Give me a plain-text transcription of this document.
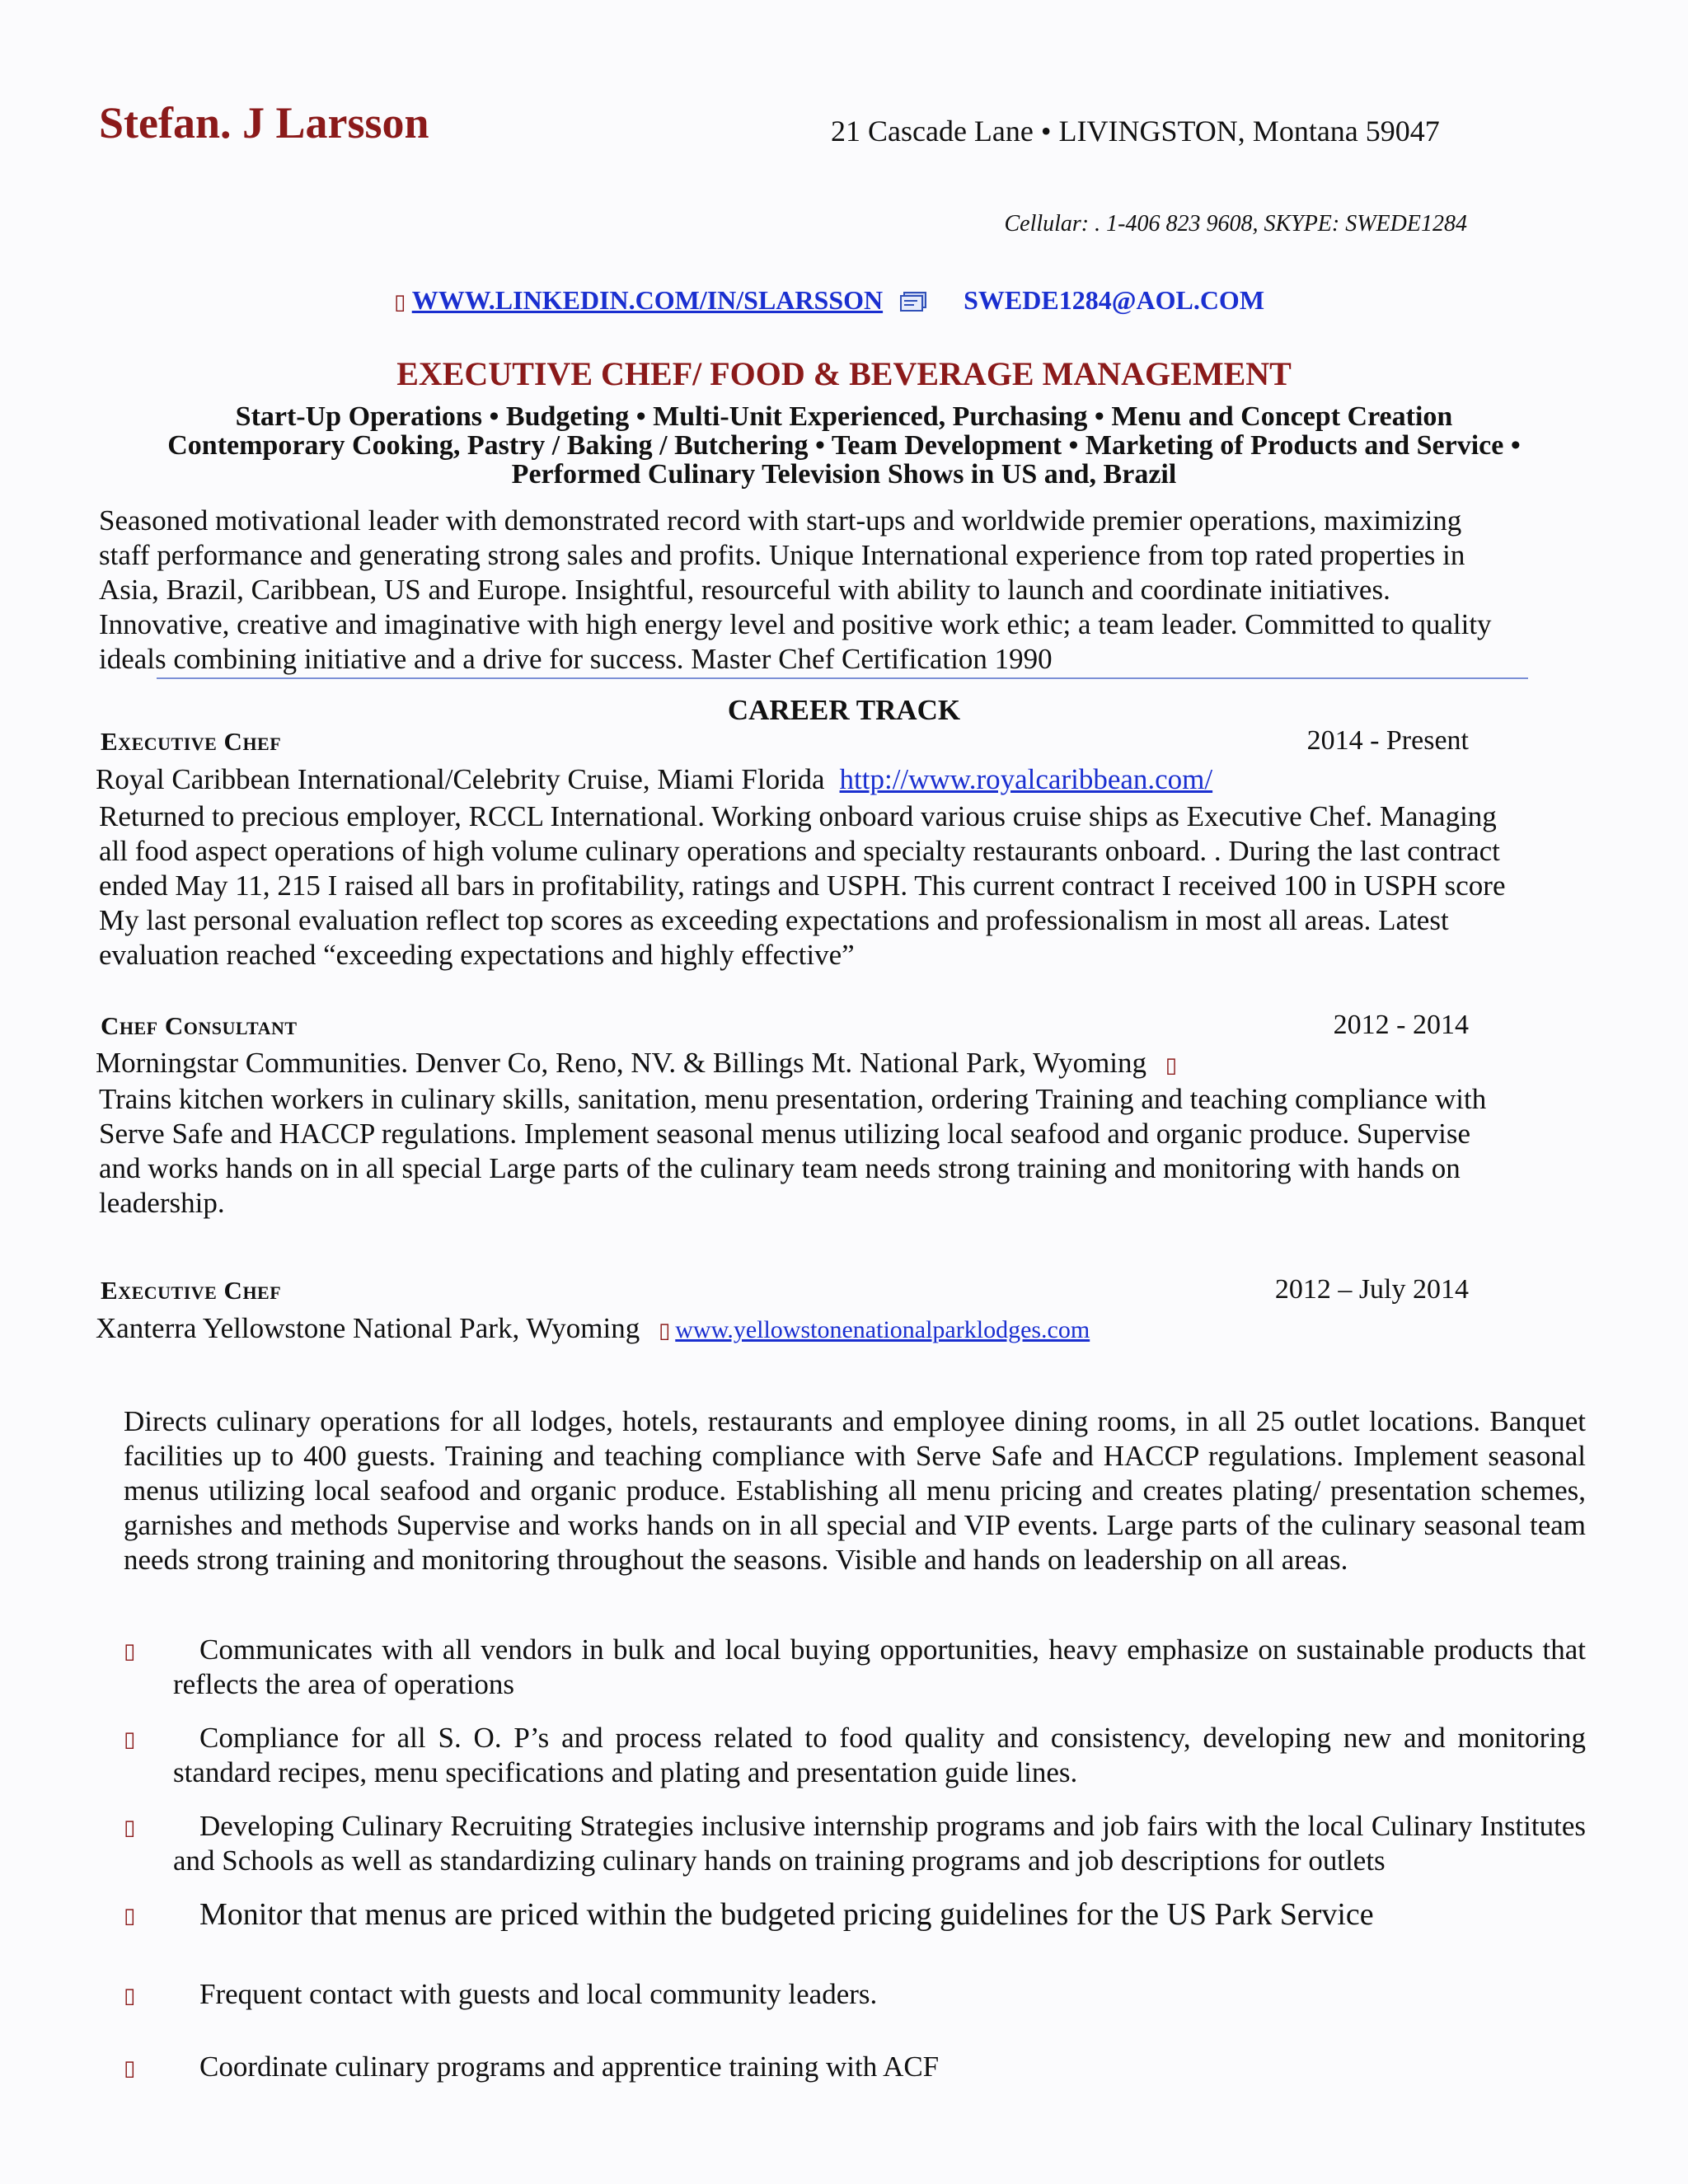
Stefan. J Larsson	21 Cascade Lane • LIVINGSTON, Montana 59047
Cellular: . 1-406 823 9608, SKYPE: SWEDE1284
▯ WWW.LINKEDIN.COM/IN/SLARSSON	SWEDE1284@AOL.COM
EXECUTIVE CHEF/ FOOD & BEVERAGE MANAGEMENT
Start-Up Operations • Budgeting • Multi-Unit Experienced, Purchasing • Menu and Concept Creation
Contemporary Cooking, Pastry / Baking / Butchering • Team Development • Marketing of Products and Service •
Performed Culinary Television Shows in US and, Brazil
Seasoned motivational leader with demonstrated record with start-ups and worldwide premier operations, maximizing
staff performance and generating strong sales and profits. Unique International experience from top rated properties in
Asia, Brazil, Caribbean, US and Europe. Insightful, resourceful with ability to launch and coordinate initiatives.
Innovative, creative and imaginative with high energy level and positive work ethic; a team leader. Committed to quality
ideals combining initiative and a drive for success. Master Chef Certification 1990
CAREER TRACK
Executive Chef	2014 - Present
Royal Caribbean International/Celebrity Cruise, Miami Florida http://www.royalcaribbean.com/
Returned to precious employer, RCCL International. Working onboard various cruise ships as Executive Chef. Managing
all food aspect operations of high volume culinary operations and specialty restaurants onboard. . During the last contract
ended May 11, 215 I raised all bars in profitability, ratings and USPH. This current contract I received 100 in USPH score
My last personal evaluation reflect top scores as exceeding expectations and professionalism in most all areas. Latest
evaluation reached “exceeding expectations and highly effective”
Chef Consultant	2012 - 2014
Morningstar Communities. Denver Co, Reno, NV. & Billings Mt. National Park, Wyoming ▯
Trains kitchen workers in culinary skills, sanitation, menu presentation, ordering Training and teaching compliance with
Serve Safe and HACCP regulations. Implement seasonal menus utilizing local seafood and organic produce. Supervise
and works hands on in all special Large parts of the culinary team needs strong training and monitoring with hands on
leadership.
Executive Chef	2012 – July 2014
Xanterra Yellowstone National Park, Wyoming ▯ www.yellowstonenationalparklodges.com
Directs culinary operations for all lodges, hotels, restaurants and employee dining rooms, in all 25 outlet locations. Banquet facilities up to 400 guests. Training and teaching compliance with Serve Safe and HACCP regulations. Implement seasonal menus utilizing local seafood and organic produce. Establishing all menu pricing and creates plating/ presentation schemes, garnishes and methods Supervise and works hands on in all special and VIP events. Large parts of the culinary seasonal team needs strong training and monitoring throughout the seasons. Visible and hands on leadership on all areas.
▯	Communicates with all vendors in bulk and local buying opportunities, heavy emphasize on sustainable products that reflects the area of operations
▯	Compliance for all S. O. P’s and process related to food quality and consistency, developing new and monitoring standard recipes, menu specifications and plating and presentation guide lines.
▯	Developing Culinary Recruiting Strategies inclusive internship programs and job fairs with the local Culinary Institutes and Schools as well as standardizing culinary hands on training programs and job descriptions for outlets
▯	Monitor that menus are priced within the budgeted pricing guidelines for the US Park Service
▯	Frequent contact with guests and local community leaders.
▯	Coordinate culinary programs and apprentice training with ACF
